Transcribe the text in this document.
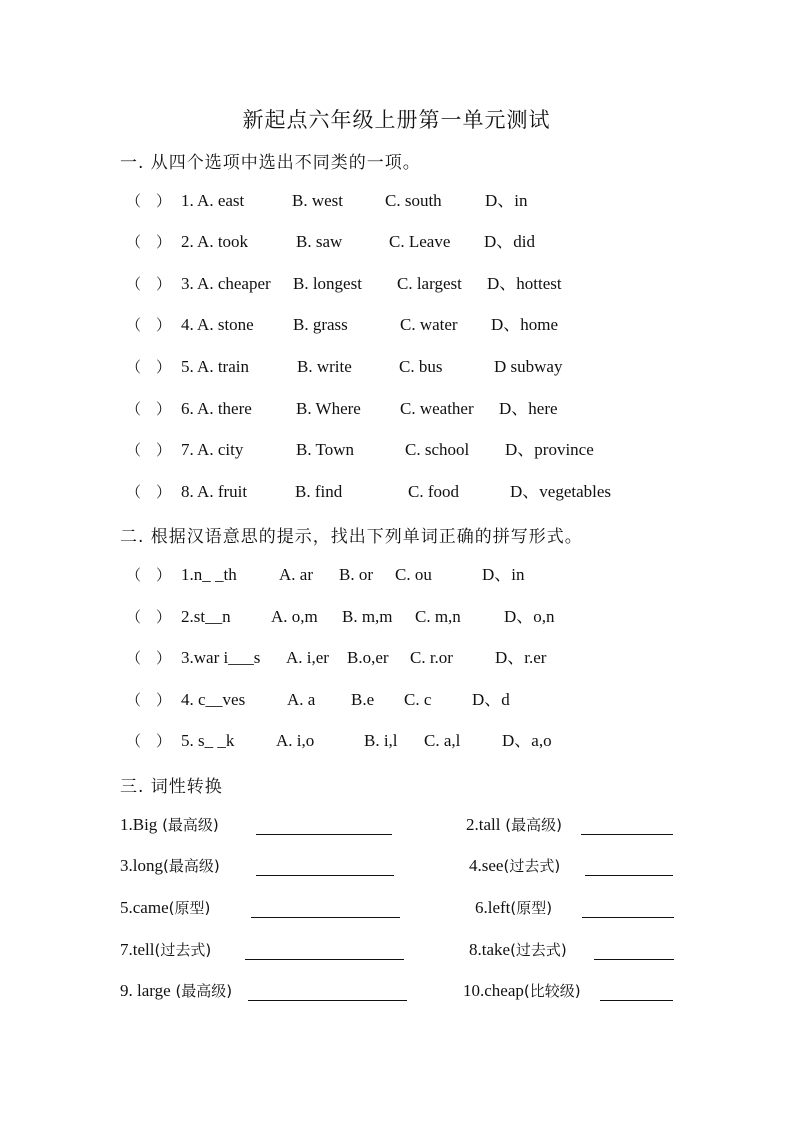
新起点六年级上册第一单元测试
一. 从四个选项中选出不同类的一项。
（　） 1. A. east	B. west C. south	D、in
（　） 2. A. took	B. saw	C. Leave D、did
（　） 3. A. cheaper B. longest C. largest D、hottest
（　） 4. A. stone B. grass	C. water D、home
（　） 5. A. train	B. write	C. bus	D subway
（　） 6. A. there	B. Where C. weather D、here
（　） 7. A. city	B. Town	C. school D、province
（　） 8. A. fruit	B. find	C. food	D、vegetables
二. 根据汉语意思的提示，找出下列单词正确的拼写形式。
（　） 1.n_ _th A. ar B. or C. ou	D、in
（　） 2.st__n A. o,m B. m,m C. m,n	D、o,n
（　） 3.war i___s A. i,er B.o,er C. r.or D、r.er
（　） 4. c__ves A. a B.e C. c D、d
（　） 5. s_ _k A. i,o	B. i,l C. a,l D、a,o
三. 词性转换
1.Big (最高级)	2.tall (最高级)
3.long(最高级)	4.see(过去式)
5.came(原型)	6.left(原型)
7.tell(过去式)	8.take(过去式)
9. large (最高级)	10.cheap(比较级)
